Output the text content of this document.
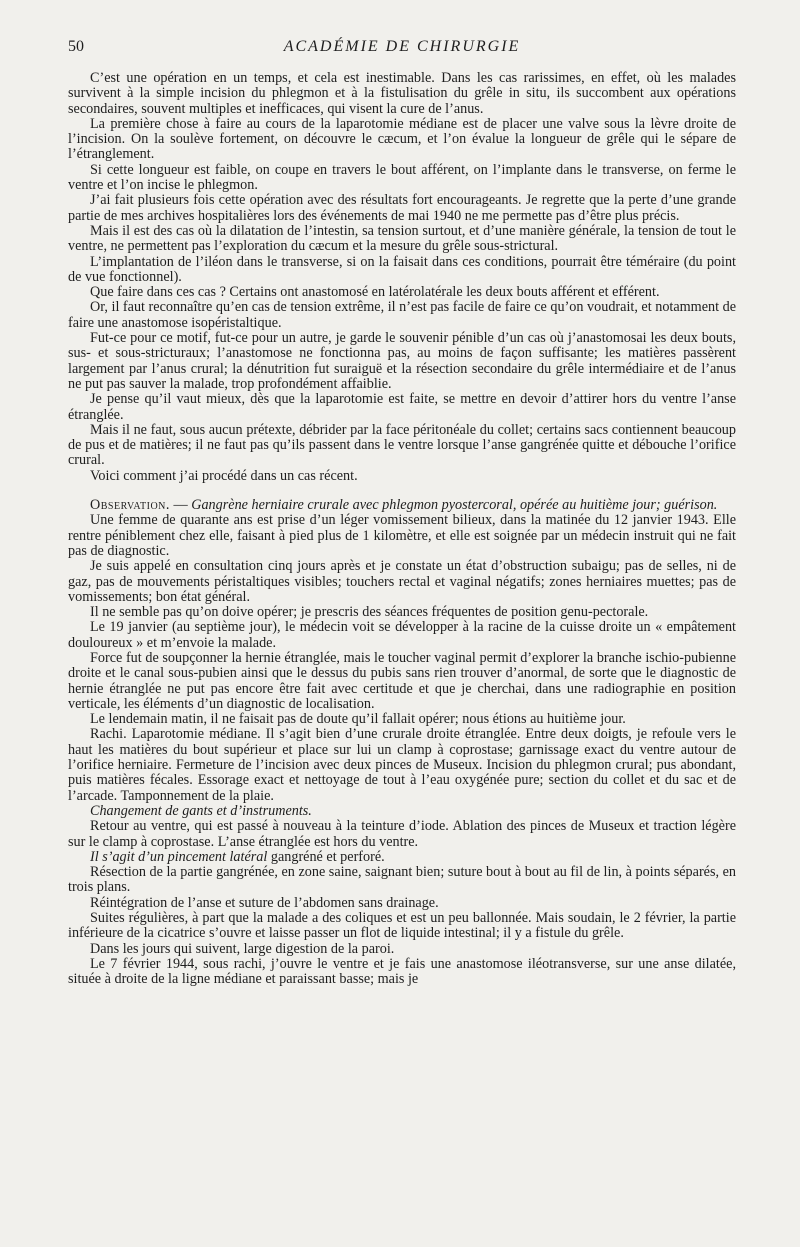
50	ACADÉMIE DE CHIRURGIE

C’est une opération en un temps, et cela est inestimable. Dans les cas rarissimes, en effet, où les malades survivent à la simple incision du phlegmon et à la fistulisation du grêle in situ, ils succombent aux opérations secondaires, souvent multiples et inefficaces, qui visent la cure de l’anus.

La première chose à faire au cours de la laparotomie médiane est de placer une valve sous la lèvre droite de l’incision. On la soulève fortement, on découvre le cæcum, et l’on évalue la longueur de grêle qui le sépare de l’étranglement.

Si cette longueur est faible, on coupe en travers le bout afférent, on l’implante dans le transverse, on ferme le ventre et l’on incise le phlegmon.

J’ai fait plusieurs fois cette opération avec des résultats fort encourageants. Je regrette que la perte d’une grande partie de mes archives hospitalières lors des événements de mai 1940 ne me permette pas d’être plus précis.

Mais il est des cas où la dilatation de l’intestin, sa tension surtout, et d’une manière générale, la tension de tout le ventre, ne permettent pas l’exploration du cæcum et la mesure du grêle sous-strictural.

L’implantation de l’iléon dans le transverse, si on la faisait dans ces conditions, pourrait être téméraire (du point de vue fonctionnel).

Que faire dans ces cas ? Certains ont anastomosé en latérolatérale les deux bouts afférent et efférent.

Or, il faut reconnaître qu’en cas de tension extrême, il n’est pas facile de faire ce qu’on voudrait, et notamment de faire une anastomose isopéristaltique.

Fut-ce pour ce motif, fut-ce pour un autre, je garde le souvenir pénible d’un cas où j’anastomosai les deux bouts, sus- et sous-stricturaux; l’anastomose ne fonctionna pas, au moins de façon suffisante; les matières passèrent largement par l’anus crural; la dénutrition fut suraiguë et la résection secondaire du grêle intermédiaire et de l’anus ne put pas sauver la malade, trop profondément affaiblie.

Je pense qu’il vaut mieux, dès que la laparotomie est faite, se mettre en devoir d’attirer hors du ventre l’anse étranglée.

Mais il ne faut, sous aucun prétexte, débrider par la face péritonéale du collet; certains sacs contiennent beaucoup de pus et de matières; il ne faut pas qu’ils passent dans le ventre lorsque l’anse gangrénée quitte et débouche l’orifice crural.

Voici comment j’ai procédé dans un cas récent.

Observation. — Gangrène herniaire crurale avec phlegmon pyostercoral, opérée au huitième jour; guérison.

Une femme de quarante ans est prise d’un léger vomissement bilieux, dans la matinée du 12 janvier 1943. Elle rentre péniblement chez elle, faisant à pied plus de 1 kilomètre, et elle est soignée par un médecin instruit qui ne fait pas de diagnostic.

Je suis appelé en consultation cinq jours après et je constate un état d’obstruction subaigu; pas de selles, ni de gaz, pas de mouvements péristaltiques visibles; touchers rectal et vaginal négatifs; zones herniaires muettes; pas de vomissements; bon état général.

Il ne semble pas qu’on doive opérer; je prescris des séances fréquentes de position genu-pectorale.

Le 19 janvier (au septième jour), le médecin voit se développer à la racine de la cuisse droite un « empâtement douloureux » et m’envoie la malade.

Force fut de soupçonner la hernie étranglée, mais le toucher vaginal permit d’explorer la branche ischio-pubienne droite et le canal sous-pubien ainsi que le dessus du pubis sans rien trouver d’anormal, de sorte que le diagnostic de hernie étranglée ne put pas encore être fait avec certitude et que je cherchai, dans une radiographie en position verticale, les éléments d’un diagnostic de localisation.

Le lendemain matin, il ne faisait pas de doute qu’il fallait opérer; nous étions au huitième jour.

Rachi. Laparotomie médiane. Il s’agit bien d’une crurale droite étranglée. Entre deux doigts, je refoule vers le haut les matières du bout supérieur et place sur lui un clamp à coprostase; garnissage exact du ventre autour de l’orifice herniaire. Fermeture de l’incision avec deux pinces de Museux. Incision du phlegmon crural; pus abondant, puis matières fécales. Essorage exact et nettoyage de tout à l’eau oxygénée pure; section du collet et du sac et de l’arcade. Tamponnement de la plaie.

Changement de gants et d’instruments.

Retour au ventre, qui est passé à nouveau à la teinture d’iode. Ablation des pinces de Museux et traction légère sur le clamp à coprostase. L’anse étranglée est hors du ventre.

Il s’agit d’un pincement latéral gangréné et perforé.

Résection de la partie gangrénée, en zone saine, saignant bien; suture bout à bout au fil de lin, à points séparés, en trois plans.

Réintégration de l’anse et suture de l’abdomen sans drainage.

Suites régulières, à part que la malade a des coliques et est un peu ballonnée. Mais soudain, le 2 février, la partie inférieure de la cicatrice s’ouvre et laisse passer un flot de liquide intestinal; il y a fistule du grêle.

Dans les jours qui suivent, large digestion de la paroi.

Le 7 février 1944, sous rachi, j’ouvre le ventre et je fais une anastomose iléotransverse, sur une anse dilatée, située à droite de la ligne médiane et paraissant basse; mais je
